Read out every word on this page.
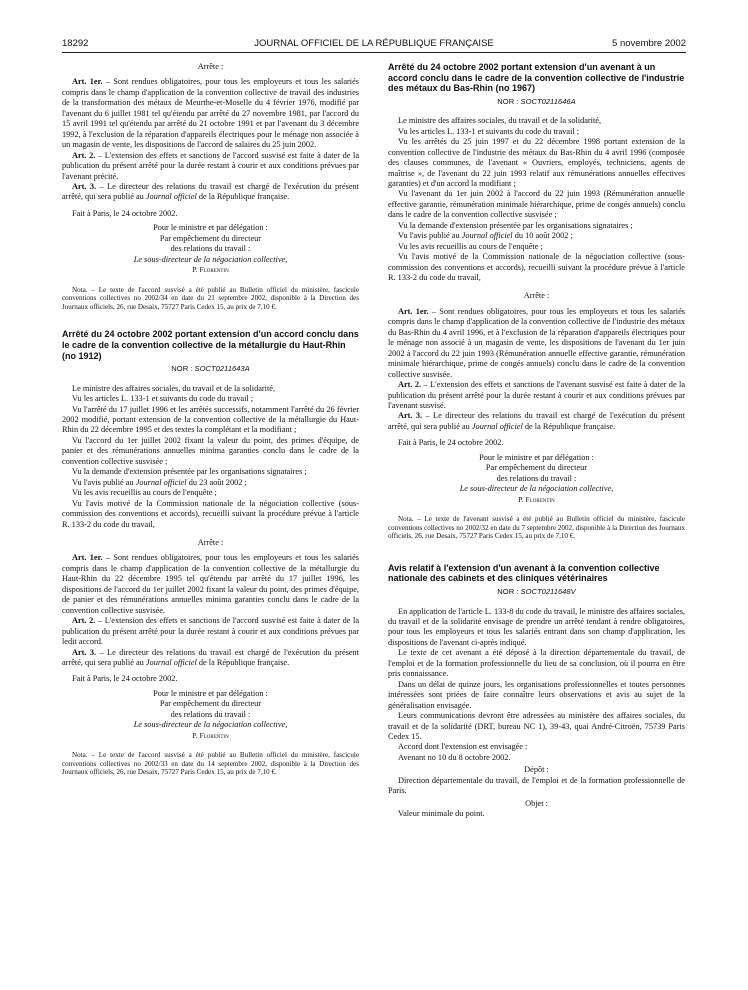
18292	JOURNAL OFFICIEL DE LA RÉPUBLIQUE FRANÇAISE	5 novembre 2002

Arrête :

Art. 1er. – Sont rendues obligatoires, pour tous les employeurs et tous les salariés compris dans le champ d'application de la convention collective de travail des industries de la transformation des métaux de Meurthe-et-Moselle du 4 février 1976, modifié par l'avenant du 6 juillet 1981 tel qu'étendu par arrêté du 27 novembre 1981, par l'accord du 15 avril 1991 tel qu'étendu par arrêté du 21 octobre 1991 et par l'avenant du 3 décembre 1992, à l'exclusion de la réparation d'appareils électriques pour le ménage non associée à un magasin de vente, les dispositions de l'accord de salaires du 25 juin 2002.

Art. 2. – L'extension des effets et sanctions de l'accord susvisé est faite à dater de la publication du présent arrêté pour la durée restant à courir et aux conditions prévues par l'avenant précité.

Art. 3. – Le directeur des relations du travail est chargé de l'exécution du présent arrêté, qui sera publié au Journal officiel de la République française.

Fait à Paris, le 24 octobre 2002.

Pour le ministre et par délégation :
Par empêchement du directeur
des relations du travail :
Le sous-directeur de la négociation collective,
P. Florentin

Nota. – Le texte de l'accord susvisé a été publié au Bulletin officiel du ministère, fascicule conventions collectives no 2002/34 en date du 21 septembre 2002, disponible à la Direction des Journaux officiels, 26, rue Desaix, 75727 Paris Cedex 15, au prix de 7,10 €.

Arrêté du 24 octobre 2002 portant extension d'un accord conclu dans le cadre de la convention collective de la métallurgie du Haut-Rhin (no 1912)

NOR : SOCT0211643A

Le ministre des affaires sociales, du travail et de la solidarité,

Vu les articles L. 133-1 et suivants du code du travail ;

Vu l'arrêté du 17 juillet 1996 et les arrêtés successifs, notamment l'arrêté du 26 février 2002 modifié, portant extension de la convention collective de la métallurgie du Haut-Rhin du 22 décembre 1995 et des textes la complétant et la modifiant ;

Vu l'accord du 1er juillet 2002 fixant la valeur du point, des primes d'équipe, de panier et des rémunérations annuelles minima garanties conclu dans le cadre de la convention collective susvisée ;

Vu la demande d'extension présentée par les organisations signataires ;

Vu l'avis publié au Journal officiel du 23 août 2002 ;

Vu les avis recueillis au cours de l'enquête ;

Vu l'avis motivé de la Commission nationale de la négociation collective (sous-commission des conventions et accords), recueilli suivant la procédure prévue à l'article R. 133-2 du code du travail,

Arrête :

Art. 1er. – Sont rendues obligatoires, pour tous les employeurs et tous les salariés compris dans le champ d'application de la convention collective de la métallurgie du Haut-Rhin du 22 décembre 1995 tel qu'étendu par arrêté du 17 juillet 1996, les dispositions de l'accord du 1er juillet 2002 fixant la valeur du point, des primes d'équipe, de panier et des rémunérations annuelles minima garanties conclu dans le cadre de la convention collective susvisée.

Art. 2. – L'extension des effets et sanctions de l'accord susvisé est faite à dater de la publication du présent arrêté pour la durée restant à courir et aux conditions prévues par ledit accord.

Art. 3. – Le directeur des relations du travail est chargé de l'exécution du présent arrêté, qui sera publié au Journal officiel de la République française.

Fait à Paris, le 24 octobre 2002.

Pour le ministre et par délégation :
Par empêchement du directeur
des relations du travail :
Le sous-directeur de la négociation collective,
P. Florentin

Nota. – Le texte de l'accord susvisé a été publié au Bulletin officiel du ministère, fascicule conventions collectives no 2002/33 en date du 14 septembre 2002, disponible à la Direction des Journaux officiels, 26, rue Desaix, 75727 Paris Cedex 15, au prix de 7,10 €.

Arrêté du 24 octobre 2002 portant extension d'un avenant à un accord conclu dans le cadre de la convention collective de l'industrie des métaux du Bas-Rhin (no 1967)

NOR : SOCT0211646A

Le ministre des affaires sociales, du travail et de la solidarité,

Vu les articles L. 133-1 et suivants du code du travail ;

Vu les arrêtés du 25 juin 1997 et du 22 décembre 1998 portant extension de la convention collective de l'industrie des métaux du Bas-Rhin du 4 avril 1996 (composée des clauses communes, de l'avenant « Ouvriers, employés, techniciens, agents de maîtrise », de l'avenant du 22 juin 1993 relatif aux rémunérations annuelles effectives garanties) et d'un accord la modifiant ;

Vu l'avenant du 1er juin 2002 à l'accord du 22 juin 1993 (Rémunération annuelle effective garantie, rémunération minimale hiérarchique, prime de congés annuels) conclu dans le cadre de la convention collective susvisée ;

Vu la demande d'extension présentée par les organisations signataires ;

Vu l'avis publié au Journal officiel du 10 août 2002 ;

Vu les avis recueillis au cours de l'enquête ;

Vu l'avis motivé de la Commission nationale de la négociation collective (sous-commission des conventions et accords), recueilli suivant la procédure prévue à l'article R. 133-2 du code du travail,

Arrête :

Art. 1er. – Sont rendues obligatoires, pour tous les employeurs et tous les salariés compris dans le champ d'application de la convention collective de l'industrie des métaux du Bas-Rhin du 4 avril 1996, et à l'exclusion de la réparation d'appareils électriques pour le ménage non associé à un magasin de vente, les dispositions de l'avenant du 1er juin 2002 à l'accord du 22 juin 1993 (Rémunération annuelle effective garantie, rémunération minimale hiérarchique, prime de congés annuels) conclu dans le cadre de la convention collective susvisée.

Art. 2. – L'extension des effets et sanctions de l'avenant susvisé est faite à dater de la publication du présent arrêté pour la durée restant à courir et aux conditions prévues par l'avenant susvisé.

Art. 3. – Le directeur des relations du travail est chargé de l'exécution du présent arrêté, qui sera publié au Journal officiel de la République française.

Fait à Paris, le 24 octobre 2002.

Pour le ministre et par délégation :
Par empêchement du directeur
des relations du travail :
Le sous-directeur de la négociation collective,
P. Florentin

Nota. – Le texte de l'avenant susvisé a été publié au Bulletin officiel du ministère, fascicule conventions collectives no 2002/32 en date du 7 septembre 2002, disponible à la Direction des Journaux officiels, 26, rue Desaix, 75727 Paris Cedex 15, au prix de 7,10 €.

Avis relatif à l'extension d'un avenant à la convention collective nationale des cabinets et des cliniques vétérinaires

NOR : SOCT0211648V

En application de l'article L. 133-8 du code du travail, le ministre des affaires sociales, du travail et de la solidarité envisage de prendre un arrêté tendant à rendre obligatoires, pour tous les employeurs et tous les salariés entrant dans son champ d'application, les dispositions de l'avenant ci-après indiqué.

Le texte de cet avenant a été déposé à la direction départementale du travail, de l'emploi et de la formation professionnelle du lieu de sa conclusion, où il pourra en être pris connaissance.

Dans un délai de quinze jours, les organisations professionnelles et toutes personnes intéressées sont priées de faire connaître leurs observations et avis au sujet de la généralisation envisagée.

Leurs communications devront être adressées au ministère des affaires sociales, du travail et de la solidarité (DRT, bureau NC 1), 39-43, quai André-Citroën, 75739 Paris Cedex 15.

Accord dont l'extension est envisagée :

Avenant no 10 du 8 octobre 2002.

Dépôt :

Direction départementale du travail, de l'emploi et de la formation professionnelle de Paris.

Objet :

Valeur minimale du point.
